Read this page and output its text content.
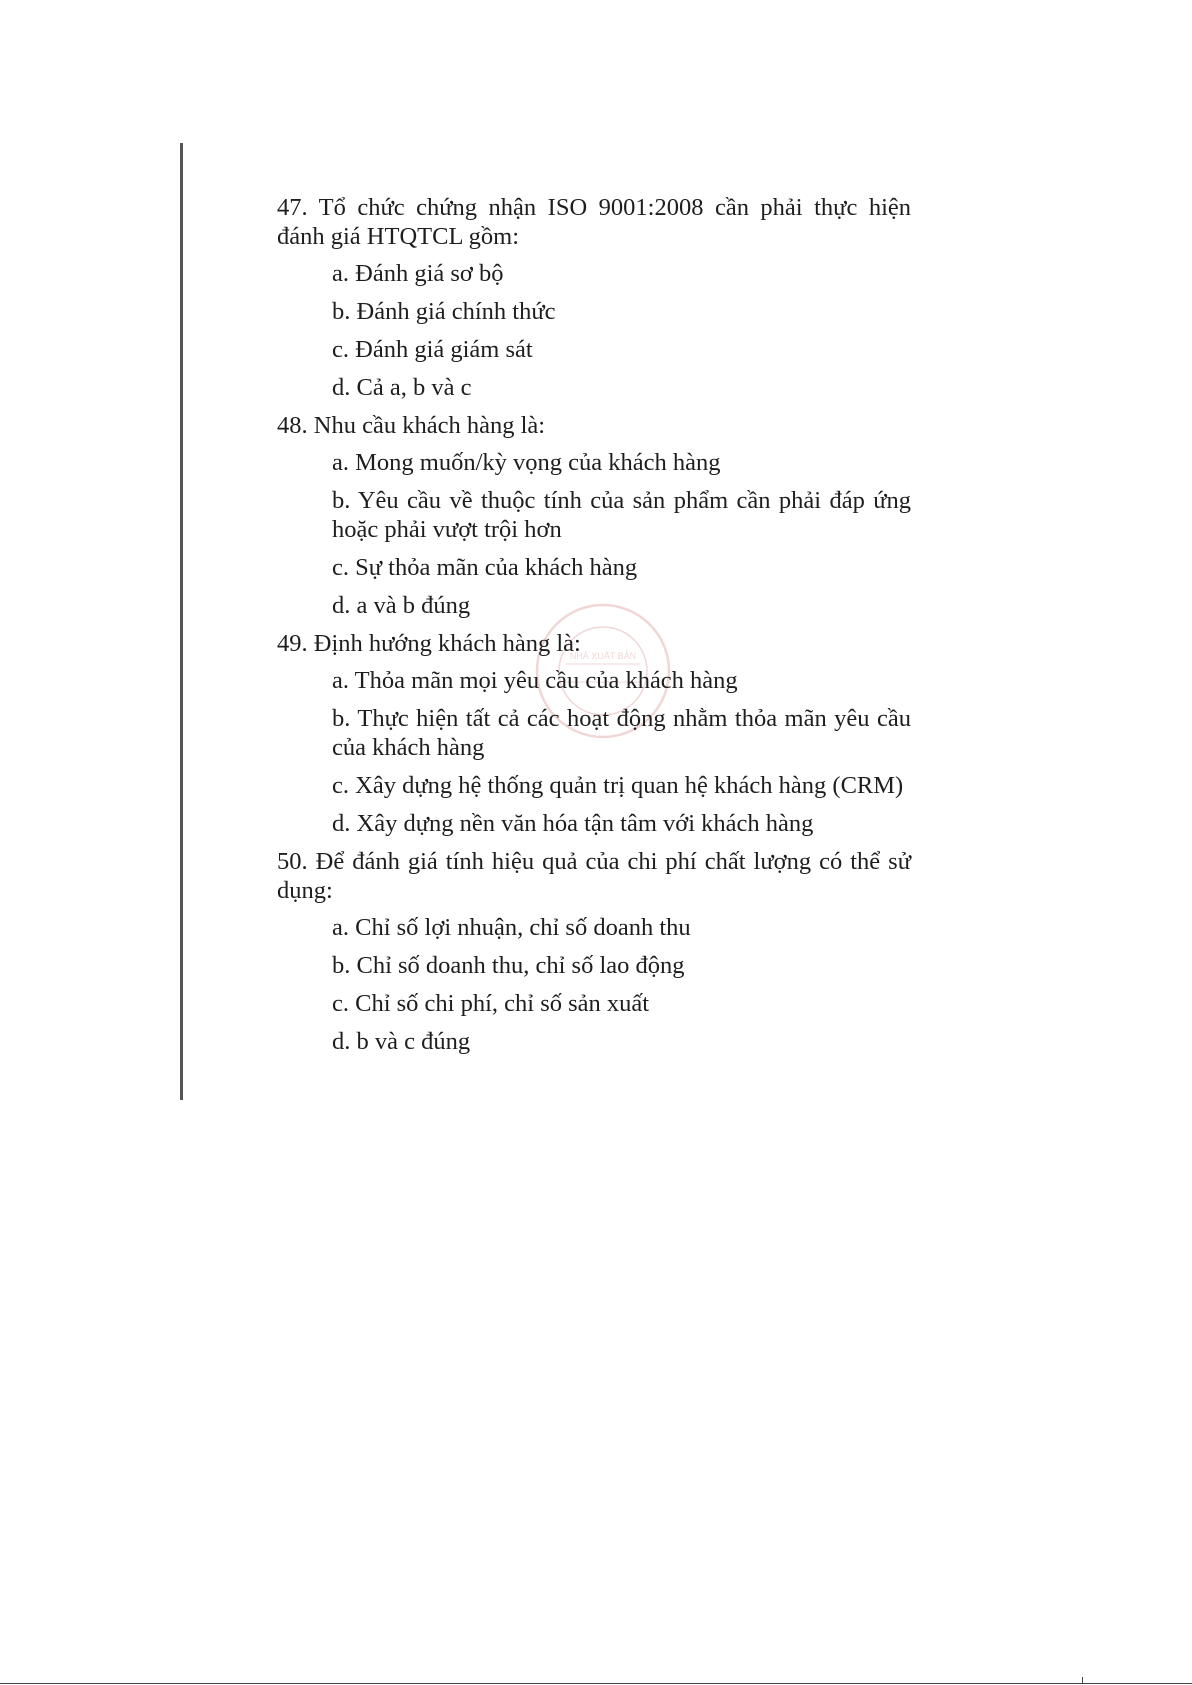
NHÀ XUẤT BẢN

47. Tổ chức chứng nhận ISO 9001:2008 cần phải thực hiện đánh giá HTQTCL gồm:

a. Đánh giá sơ bộ

b. Đánh giá chính thức

c. Đánh giá giám sát

d. Cả a, b và c

48. Nhu cầu khách hàng là:

a. Mong muốn/kỳ vọng của khách hàng

b. Yêu cầu về thuộc tính của sản phẩm cần phải đáp ứng hoặc phải vượt trội hơn

c. Sự thỏa mãn của khách hàng

d. a và b đúng

49. Định hướng khách hàng là:

a. Thỏa mãn mọi yêu cầu của khách hàng

b. Thực hiện tất cả các hoạt động nhằm thỏa mãn yêu cầu của khách hàng

c. Xây dựng hệ thống quản trị quan hệ khách hàng (CRM)

d. Xây dựng nền văn hóa tận tâm với khách hàng

50. Để đánh giá tính hiệu quả của chi phí chất lượng có thể sử dụng:

a. Chỉ số lợi nhuận, chỉ số doanh thu

b. Chỉ số doanh thu, chỉ số lao động

c. Chỉ số chi phí, chỉ số sản xuất

d. b và c đúng
